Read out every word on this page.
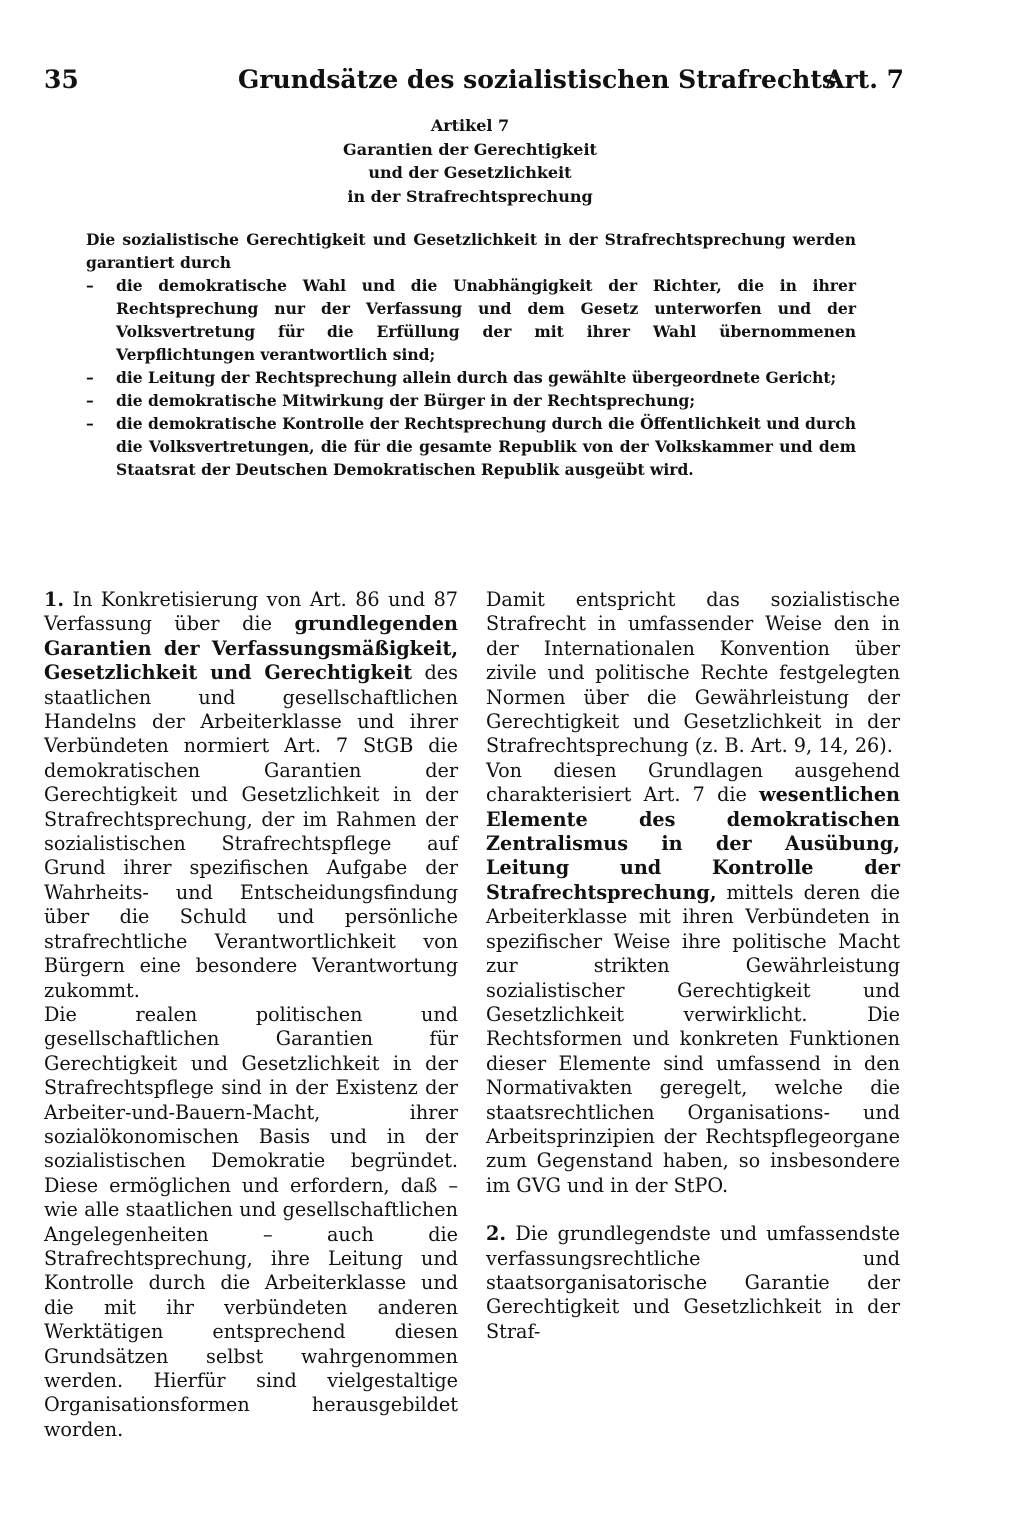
35	Grundsätze des sozialistischen Strafrechts
Art. 7
Artikel 7
Garantien der Gerechtigkeit
und der Gesetzlichkeit
in der Strafrechtsprechung

Die sozialistische Gerechtigkeit und Gesetzlichkeit in der Strafrechtsprechung werden garantiert durch

– die demokratische Wahl und die Unabhängigkeit der Richter, die in ihrer Rechtsprechung nur der Verfassung und dem Gesetz unterworfen und der Volksvertretung für die Erfüllung der mit ihrer Wahl übernommenen Verpflichtungen verantwortlich sind;
– die Leitung der Rechtsprechung allein durch das gewählte übergeordnete Gericht;
– die demokratische Mitwirkung der Bürger in der Rechtsprechung;
– die demokratische Kontrolle der Rechtsprechung durch die Öffentlichkeit und durch die Volksvertretungen, die für die gesamte Republik von der Volkskammer und dem Staatsrat der Deutschen Demokratischen Republik ausgeübt wird.

1. In Konkretisierung von Art. 86 und 87 Verfassung über die grundlegenden Garantien der Verfassungsmäßigkeit, Gesetzlichkeit und Gerechtigkeit des staatlichen und gesellschaftlichen Handelns der Arbeiterklasse und ihrer Verbündeten normiert Art. 7 StGB die demokratischen Garantien der Gerechtigkeit und Gesetzlichkeit in der Strafrechtsprechung, der im Rahmen der sozialistischen Strafrechtspflege auf Grund ihrer spezifischen Aufgabe der Wahrheits- und Entscheidungsfindung über die Schuld und persönliche strafrechtliche Verantwortlichkeit von Bürgern eine besondere Verantwortung zukommt.

Die realen politischen und gesellschaftlichen Garantien für Gerechtigkeit und Gesetzlichkeit in der Strafrechtspflege sind in der Existenz der Arbeiter-und-Bauern-Macht, ihrer sozialökonomischen Basis und in der sozialistischen Demokratie begründet. Diese ermöglichen und erfordern, daß – wie alle staatlichen und gesellschaftlichen Angelegenheiten – auch die Strafrechtsprechung, ihre Leitung und Kontrolle durch die Arbeiterklasse und die mit ihr verbündeten anderen Werktätigen entsprechend diesen Grundsätzen selbst wahrgenommen werden. Hierfür sind vielgestaltige Organisationsformen herausgebildet worden.

Damit entspricht das sozialistische Strafrecht in umfassender Weise den in der Internationalen Konvention über zivile und politische Rechte festgelegten Normen über die Gewährleistung der Gerechtigkeit und Gesetzlichkeit in der Strafrechtsprechung (z. B. Art. 9, 14, 26).

Von diesen Grundlagen ausgehend charakterisiert Art. 7 die wesentlichen Elemente des demokratischen Zentralismus in der Ausübung, Leitung und Kontrolle der Strafrechtsprechung, mittels deren die Arbeiterklasse mit ihren Verbündeten in spezifischer Weise ihre politische Macht zur strikten Gewährleistung sozialistischer Gerechtigkeit und Gesetzlichkeit verwirklicht. Die Rechtsformen und konkreten Funktionen dieser Elemente sind umfassend in den Normativakten geregelt, welche die staatsrechtlichen Organisations- und Arbeitsprinzipien der Rechtspflegeorgane zum Gegenstand haben, so insbesondere im GVG und in der StPO.

2. Die grundlegendste und umfassendste verfassungsrechtliche und staatsorganisatorische Garantie der Gerechtigkeit und Gesetzlichkeit in der Straf-
